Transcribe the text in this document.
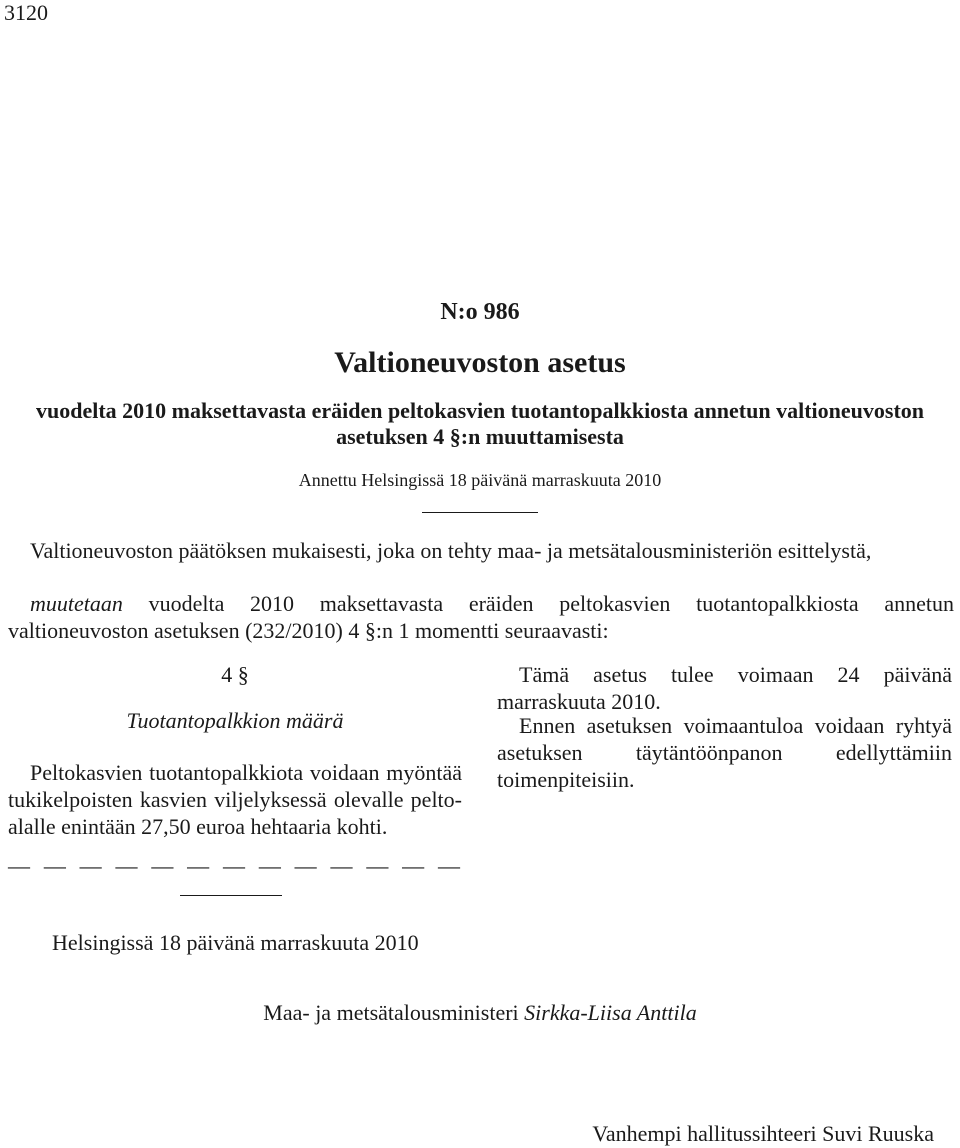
3120
N:o 986
Valtioneuvoston asetus
vuodelta 2010 maksettavasta eräiden peltokasvien tuotantopalkkiosta annetun valtioneuvoston asetuksen 4 §:n muuttamisesta
Annettu Helsingissä 18 päivänä marraskuuta 2010
Valtioneuvoston päätöksen mukaisesti, joka on tehty maa- ja metsätalousministeriön esittelystä,
muutetaan vuodelta 2010 maksettavasta eräiden peltokasvien tuotantopalkkiosta annetun valtioneuvoston asetuksen (232/2010) 4 §:n 1 momentti seuraavasti:
4 §
Tuotantopalkkion määrä
Peltokasvien tuotantopalkkiota voidaan myöntää tukikelpoisten kasvien viljelyksessä olevalle pelto-alalle enintään 27,50 euroa hehtaaria kohti.
— — — — — — — — — — — — —
Tämä asetus tulee voimaan 24 päivänä marraskuuta 2010.
Ennen asetuksen voimaantuloa voidaan ryhtyä asetuksen täytäntöönpanon edellyttämiin toimenpiteisiin.
Helsingissä 18 päivänä marraskuuta 2010
Maa- ja metsätalousministeri Sirkka-Liisa Anttila
Vanhempi hallitussihteeri Suvi Ruuska
